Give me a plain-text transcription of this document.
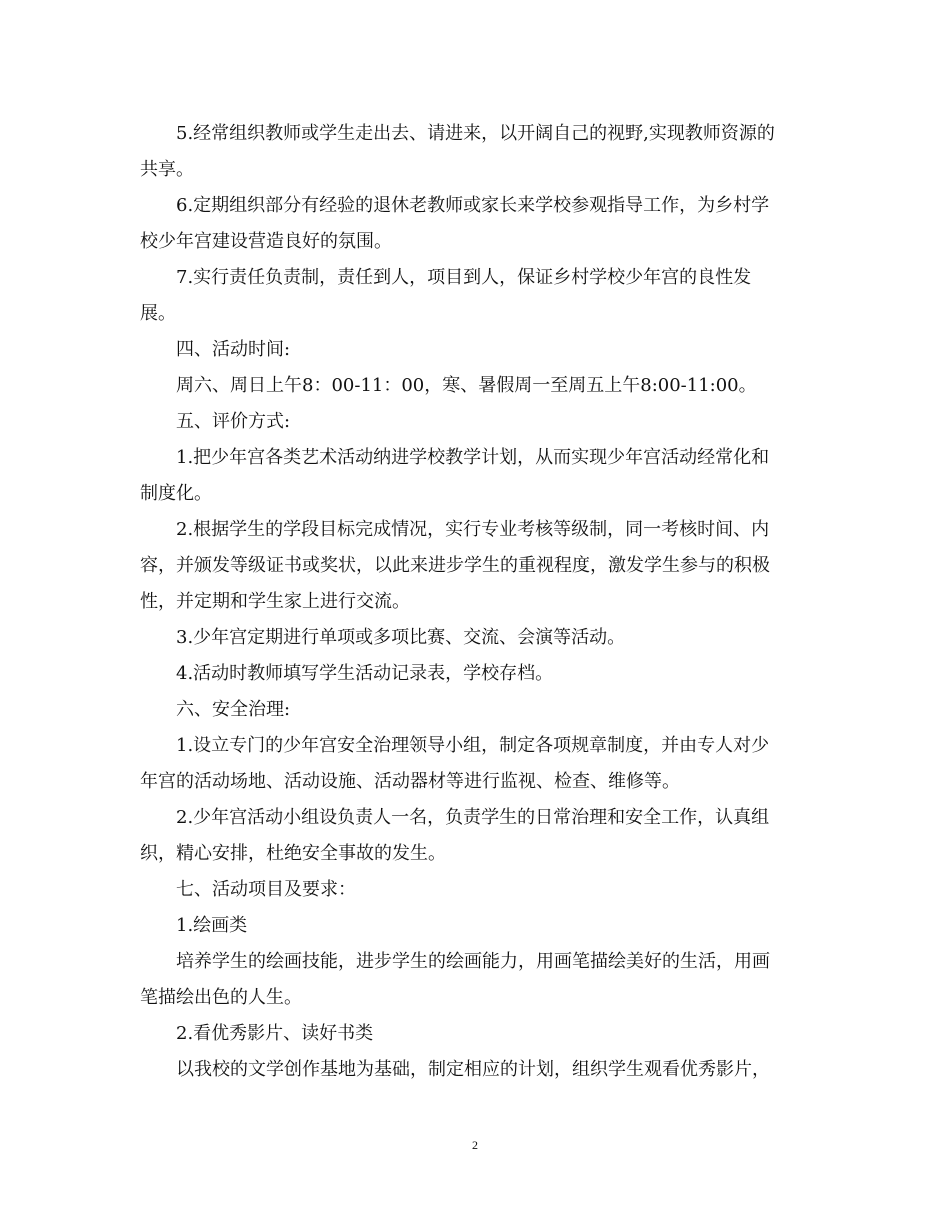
5.经常组织教师或学生走出去、请进来，以开阔自己的视野,实现教师资源的
共享。
6.定期组织部分有经验的退休老教师或家长来学校参观指导工作，为乡村学
校少年宫建设营造良好的氛围。
7.实行责任负责制，责任到人，项目到人，保证乡村学校少年宫的良性发
展。
四、活动时间:
周六、周日上午8：00-11：00，寒、暑假周一至周五上午8:00-11:00。
五、评价方式:
1.把少年宫各类艺术活动纳进学校教学计划，从而实现少年宫活动经常化和
制度化。
2.根据学生的学段目标完成情况，实行专业考核等级制，同一考核时间、内
容，并颁发等级证书或奖状，以此来进步学生的重视程度，激发学生参与的积极
性，并定期和学生家上进行交流。
3.少年宫定期进行单项或多项比赛、交流、会演等活动。
4.活动时教师填写学生活动记录表，学校存档。
六、安全治理:
1.设立专门的少年宫安全治理领导小组，制定各项规章制度，并由专人对少
年宫的活动场地、活动设施、活动器材等进行监视、检查、维修等。
2.少年宫活动小组设负责人一名，负责学生的日常治理和安全工作，认真组
织，精心安排，杜绝安全事故的发生。
七、活动项目及要求：
1.绘画类
培养学生的绘画技能，进步学生的绘画能力，用画笔描绘美好的生活，用画
笔描绘出色的人生。
2.看优秀影片、读好书类
以我校的文学创作基地为基础，制定相应的计划，组织学生观看优秀影片，
2
